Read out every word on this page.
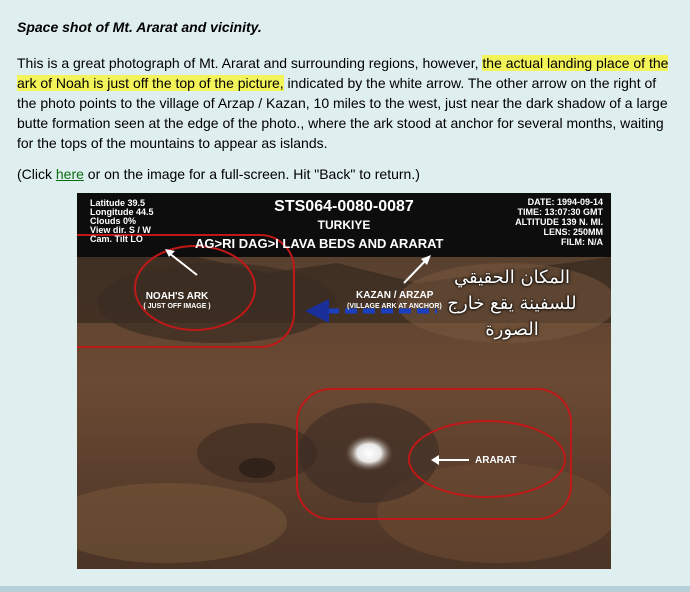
Space shot of Mt. Ararat and vicinity.

This is a great photograph of Mt. Ararat and surrounding regions, however, the actual landing place of the ark of Noah is just off the top of the picture, indicated by the white arrow. The other arrow on the right of the photo points to the village of Arzap / Kazan, 10 miles to the west, just near the dark shadow of a large butte formation seen at the edge of the photo., where the ark stood at anchor for several months, waiting for the tops of the mountains to appear as islands.

(Click here or on the image for a full-screen. Hit "Back" to return.)
Latitude 39.5
Longitude 44.5
Clouds 0%
View dir. S / W
Cam. Tilt LO
STS064-0080-0087
TURKIYE
AG>RI DAG>I LAVA BEDS AND ARARAT
DATE: 1994-09-14
TIME: 13:07:30 GMT
ALTITUDE 139 N. MI.
LENS: 250MM
FILM: N/A
NOAH'S ARK
( JUST OFF IMAGE )
KAZAN / ARZAP
(VILLAGE ARK AT ANCHOR)
ARARAT
المكان الحقيقي
للسفينة يقع خارج
الصورة
